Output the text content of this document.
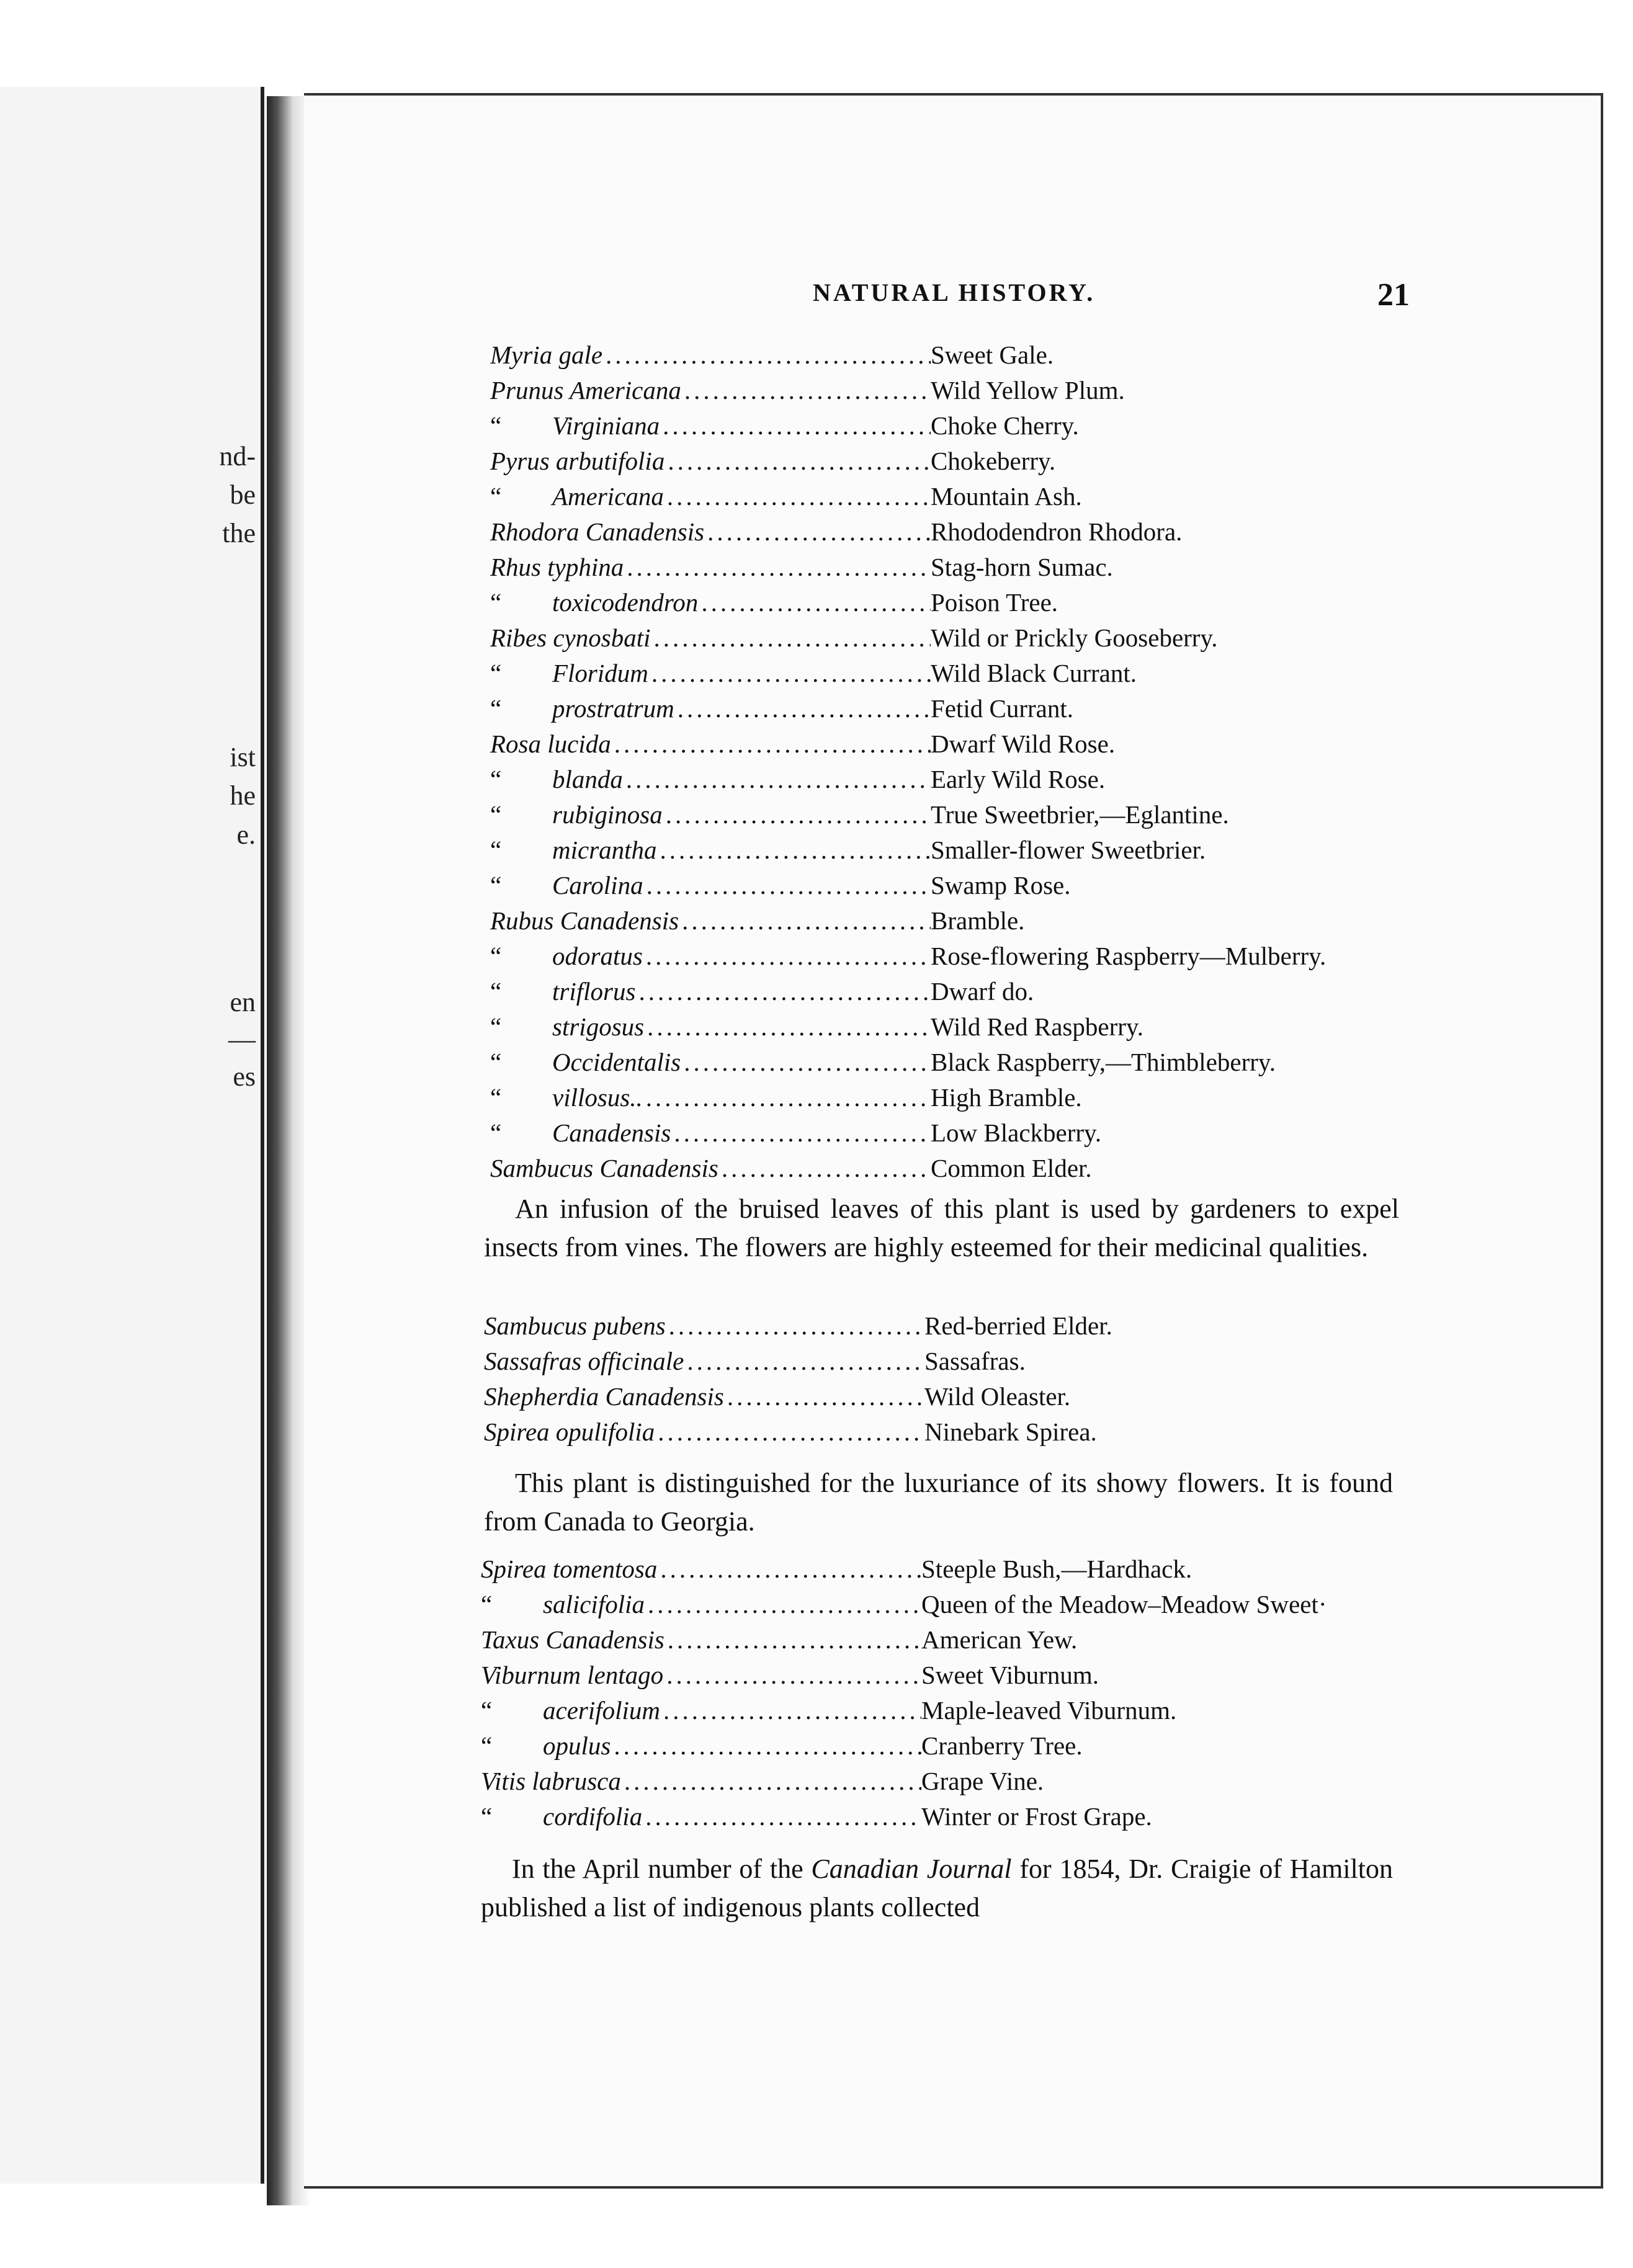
nd-
be
the
ist
he
e.
en
—
es
NATURAL HISTORY.	21
Myria gale .....	Sweet Gale.
Prunus Americana .....	Wild Yellow Plum.
“	Virginiana .....	Choke Cherry.
Pyrus arbutifolia .....	Chokeberry.
“	Americana .....	Mountain Ash.
Rhodora Canadensis .....	Rhododendron Rhodora.
Rhus typhina .....	Stag-horn Sumac.
“	toxicodendron .....	Poison Tree.
Ribes cynosbati .....	Wild or Prickly Gooseberry.
“	Floridum .....	Wild Black Currant.
“	prostratrum .....	Fetid Currant.
Rosa lucida .....	Dwarf Wild Rose.
“	blanda .....	Early Wild Rose.
“	rubiginosa .....	True Sweetbrier,—Eglantine.
“	micrantha .....	Smaller-flower Sweetbrier.
“	Carolina .....	Swamp Rose.
Rubus Canadensis .....	Bramble.
“	odoratus .....	Rose-flowering Raspberry—Mulberry.
“	triflorus .....	Dwarf do.
“	strigosus .....	Wild Red Raspberry.
“	Occidentalis .....	Black Raspberry,—Thimbleberry.
“	villosus.. .....	High Bramble.
“	Canadensis .....	Low Blackberry.
Sambucus Canadensis .....	Common Elder.
An infusion of the bruised leaves of this plant is used by gardeners to expel insects from vines. The flowers are highly esteemed for their medicinal qualities.
Sambucus pubens .....	Red-berried Elder.
Sassafras officinale .....	Sassafras.
Shepherdia Canadensis .....	Wild Oleaster.
Spirea opulifolia .....	Ninebark Spirea.
This plant is distinguished for the luxuriance of its showy flowers. It is found from Canada to Georgia.
Spirea tomentosa .....	Steeple Bush,—Hardhack.
“	salicifolia .....	Queen of the Meadow–Meadow Sweet·
Taxus Canadensis .....	American Yew.
Viburnum lentago .....	Sweet Viburnum.
“	acerifolium .....	Maple-leaved Viburnum.
“	opulus .....	Cranberry Tree.
Vitis labrusca .....	Grape Vine.
“	cordifolia .....	Winter or Frost Grape.
In the April number of the Canadian Journal for 1854, Dr. Craigie of Hamilton published a list of indigenous plants collected
